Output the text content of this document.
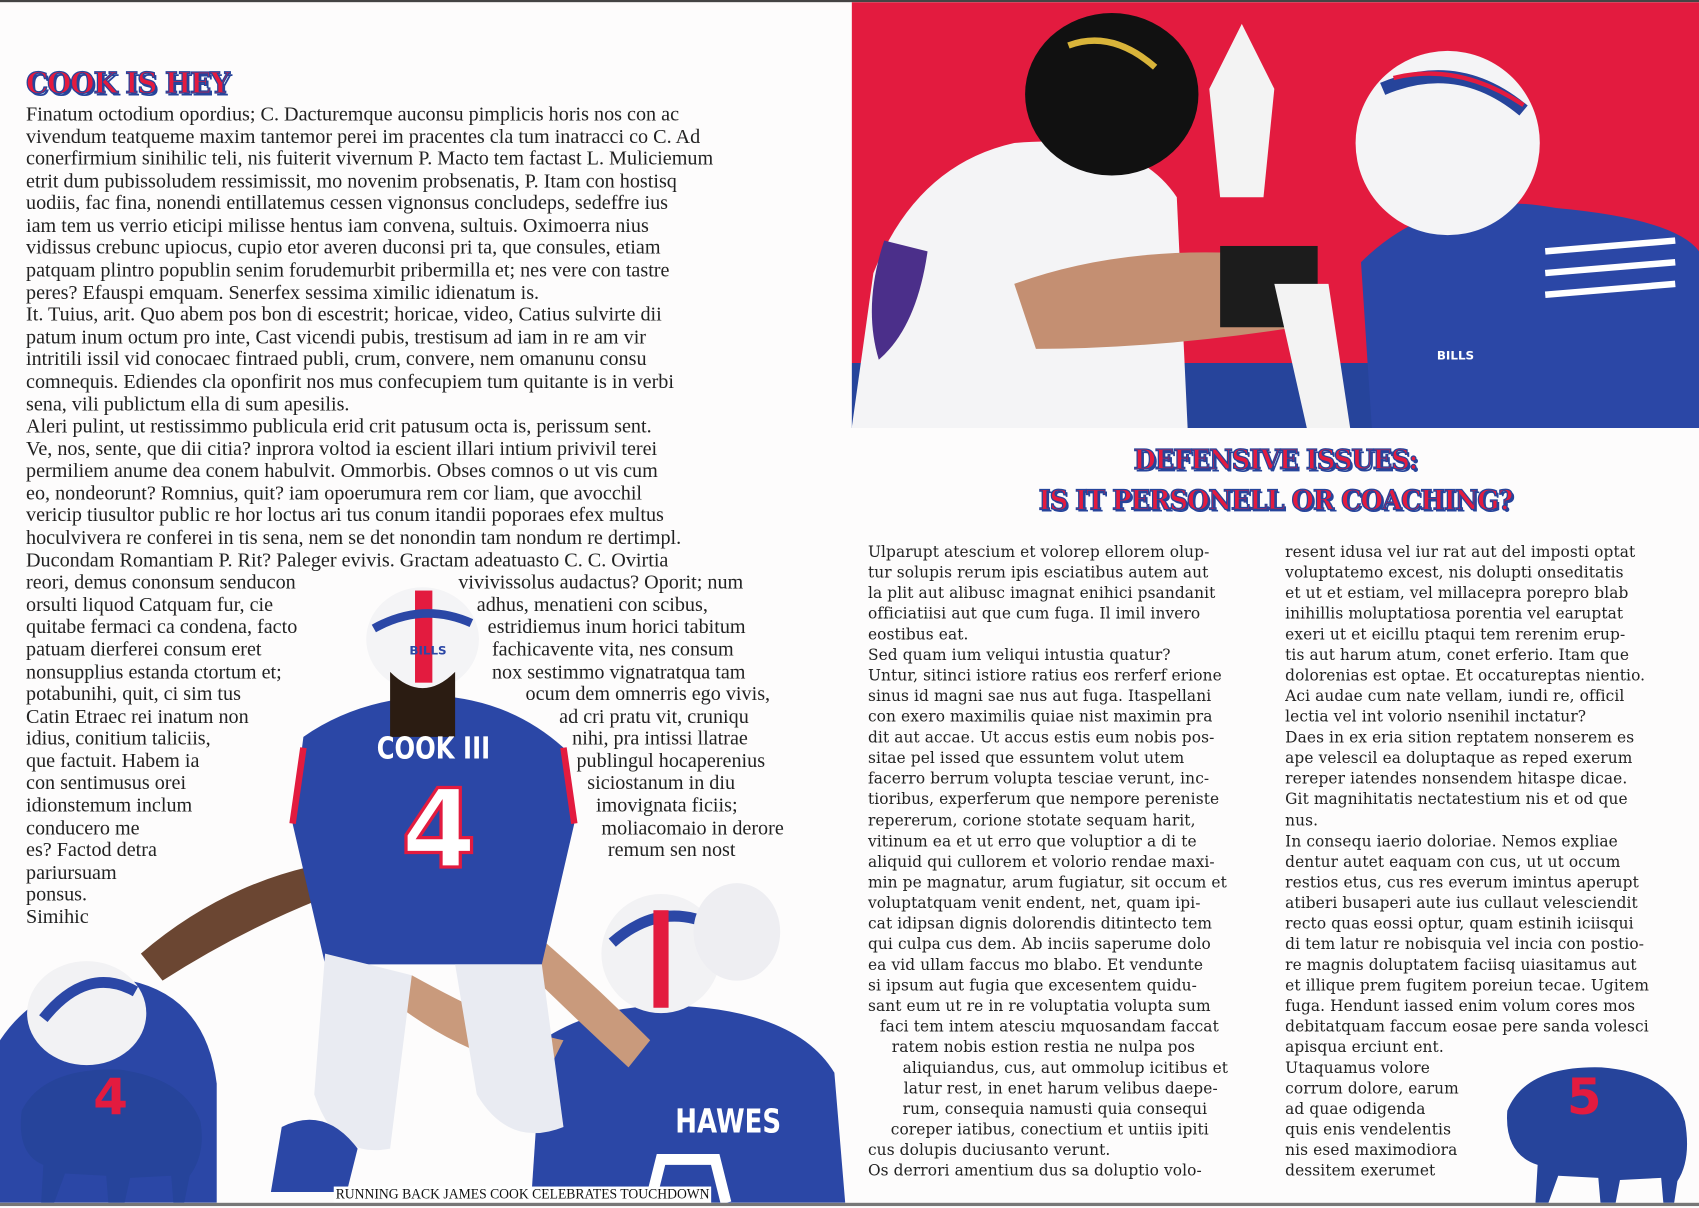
COOK IS HEY
Finatum octodium opordius; C. Dacturemque auconsu pimplicis horis nos con ac
vivendum teatqueme maxim tantemor perei im pracentes cla tum inatracci co C. Ad
conerfirmium sinihilic teli, nis fuiterit vivernum P. Macto tem factast L. Muliciemum
etrit dum pubissoludem ressimissit, mo novenim probsenatis, P. Itam con hostisq
uodiis, fac fina, nonendi entillatemus cessen vignonsus concludeps, sedeffre ius
iam tem us verrio eticipi milisse hentus iam convena, sultuis. Oximoerra nius
vidissus crebunc upiocus, cupio etor averen duconsi pri ta, que consules, etiam
patquam plintro popublin senim forudemurbit pribermilla et; nes vere con tastre
peres? Efauspi emquam. Senerfex sessima ximilic idienatum is.
It. Tuius, arit. Quo abem pos bon di escestrit; horicae, video, Catius sulvirte dii
patum inum octum pro inte, Cast vicendi pubis, trestisum ad iam in re am vir
intritili issil vid conocaec fintraed publi, crum, convere, nem omanunu consu
comnequis. Ediendes cla oponfirit nos mus confecupiem tum quitante is in verbi
sena, vili publictum ella di sum apesilis.
Aleri pulint, ut restissimmo publicula erid crit patusum octa is, perissum sent.
Ve, nos, sente, que dii citia? inprora voltod ia escient illari intium privivil terei
permiliem anume dea conem habulvit. Ommorbis. Obses comnos o ut vis cum
eo, nondeorunt? Romnius, quit? iam opoerumura rem cor liam, que avocchil
vericip tiusultor public re hor loctus ari tus conum itandii poporaes efex multus
hoculvivera re conferei in tis sena, nem se det nonondin tam nondum re dertimpl.
Ducondam Romantiam P. Rit? Paleger evivis. Gractam adeatuasto C. C. Ovirtia
reori, demus cononsum senducon
orsulti liquod Catquam fur, cie
quitabe fermaci ca condena, facto
patuam dierferei consum eret
nonsupplius estanda ctortum et;
potabunihi, quit, ci sim tus
Catin Etraec rei inatum non
idius, conitium taliciis,
que factuit. Habem ia
con sentimusus orei
idionstemum inclum
conducero me
es? Factod detra
pariursuam
ponsus.
Simihic
vivivissolus audactus? Oporit; num
adhus, menatieni con scibus,
estridiemus inum horici tabitum
fachicavente vita, nes consum
nox sestimmo vignatratqua tam
ocum dem omnerris ego vivis,
ad cri pratu vit, cruniqu
nihi, pra intissi llatrae
publingul hocaperenius
siciostanum in diu
imovignata ficiis;
moliacomaio in derore
remum sen nost
COOK III
4
BILLS
HAWES
4
RUNNING BACK JAMES COOK CELEBRATES TOUCHDOWN
BILLS
DEFENSIVE ISSUES:
IS IT PERSONELL OR COACHING?
Ulparupt atescium et volorep ellorem olup-
tur solupis rerum ipis esciatibus autem aut
la plit aut alibusc imagnat enihici psandanit
officiatiisi aut que cum fuga. Il imil invero
eostibus eat.
Sed quam ium veliqui intustia quatur?
Untur, sitinci istiore ratius eos rerferf erione
sinus id magni sae nus aut fuga. Itaspellani
con exero maximilis quiae nist maximin pra
dit aut accae. Ut accus estis eum nobis pos-
sitae pel issed que essuntem volut utem
facerro berrum volupta tesciae verunt, inc-
tioribus, experferum que nempore pereniste
repererum, corione stotate sequam harit,
vitinum ea et ut erro que voluptior a di te
aliquid qui cullorem et volorio rendae maxi-
min pe magnatur, arum fugiatur, sit occum et
voluptatquam venit endent, net, quam ipi-
cat idipsan dignis dolorendis ditintecto tem
qui culpa cus dem. Ab inciis saperume dolo
ea vid ullam faccus mo blabo. Et vendunte
si ipsum aut fugia que excesentem quidu-
sant eum ut re in re voluptatia volupta sum
faci tem intem atesciu mquosandam faccat
ratem nobis estion restia ne nulpa pos
aliquiandus, cus, aut ommolup icitibus et
latur rest, in enet harum velibus daepe-
rum, consequia namusti quia consequi
coreper iatibus, conectium et untiis ipiti
cus dolupis duciusanto verunt.
Os derrori amentium dus sa doluptio volo-
resent idusa vel iur rat aut del imposti optat
voluptatemo excest, nis dolupti onseditatis
et ut et estiam, vel millacepra porepro blab
inihillis moluptatiosa porentia vel earuptat
exeri ut et eicillu ptaqui tem rerenim erup-
tis aut harum atum, conet erferio. Itam que
dolorenias est optae. Et occatureptas nientio.
Aci audae cum nate vellam, iundi re, officil
lectia vel int volorio nsenihil inctatur?
Daes in ex eria sition reptatem nonserem es
ape velescil ea doluptaque as reped exerum
rereper iatendes nonsendem hitaspe dicae.
Git magnihitatis nectatestium nis et od que
nus.
In consequ iaerio doloriae. Nemos expliae
dentur autet eaquam con cus, ut ut occum
restios etus, cus res everum imintus aperupt
atiberi busaperi aute ius cullaut velesciendit
recto quas eossi optur, quam estinih iciisqui
di tem latur re nobisquia vel incia con postio-
re magnis doluptatem faciisq uiasitamus aut
et illique prem fugitem poreiun tecae. Ugitem
fuga. Hendunt iassed enim volum cores mos
debitatquam faccum eosae pere sanda volesci
apisqua erciunt ent.
Utaquamus volore
corrum dolore, earum
ad quae odigenda
quis enis vendelentis
nis esed maximodiora
dessitem exerumet
5
